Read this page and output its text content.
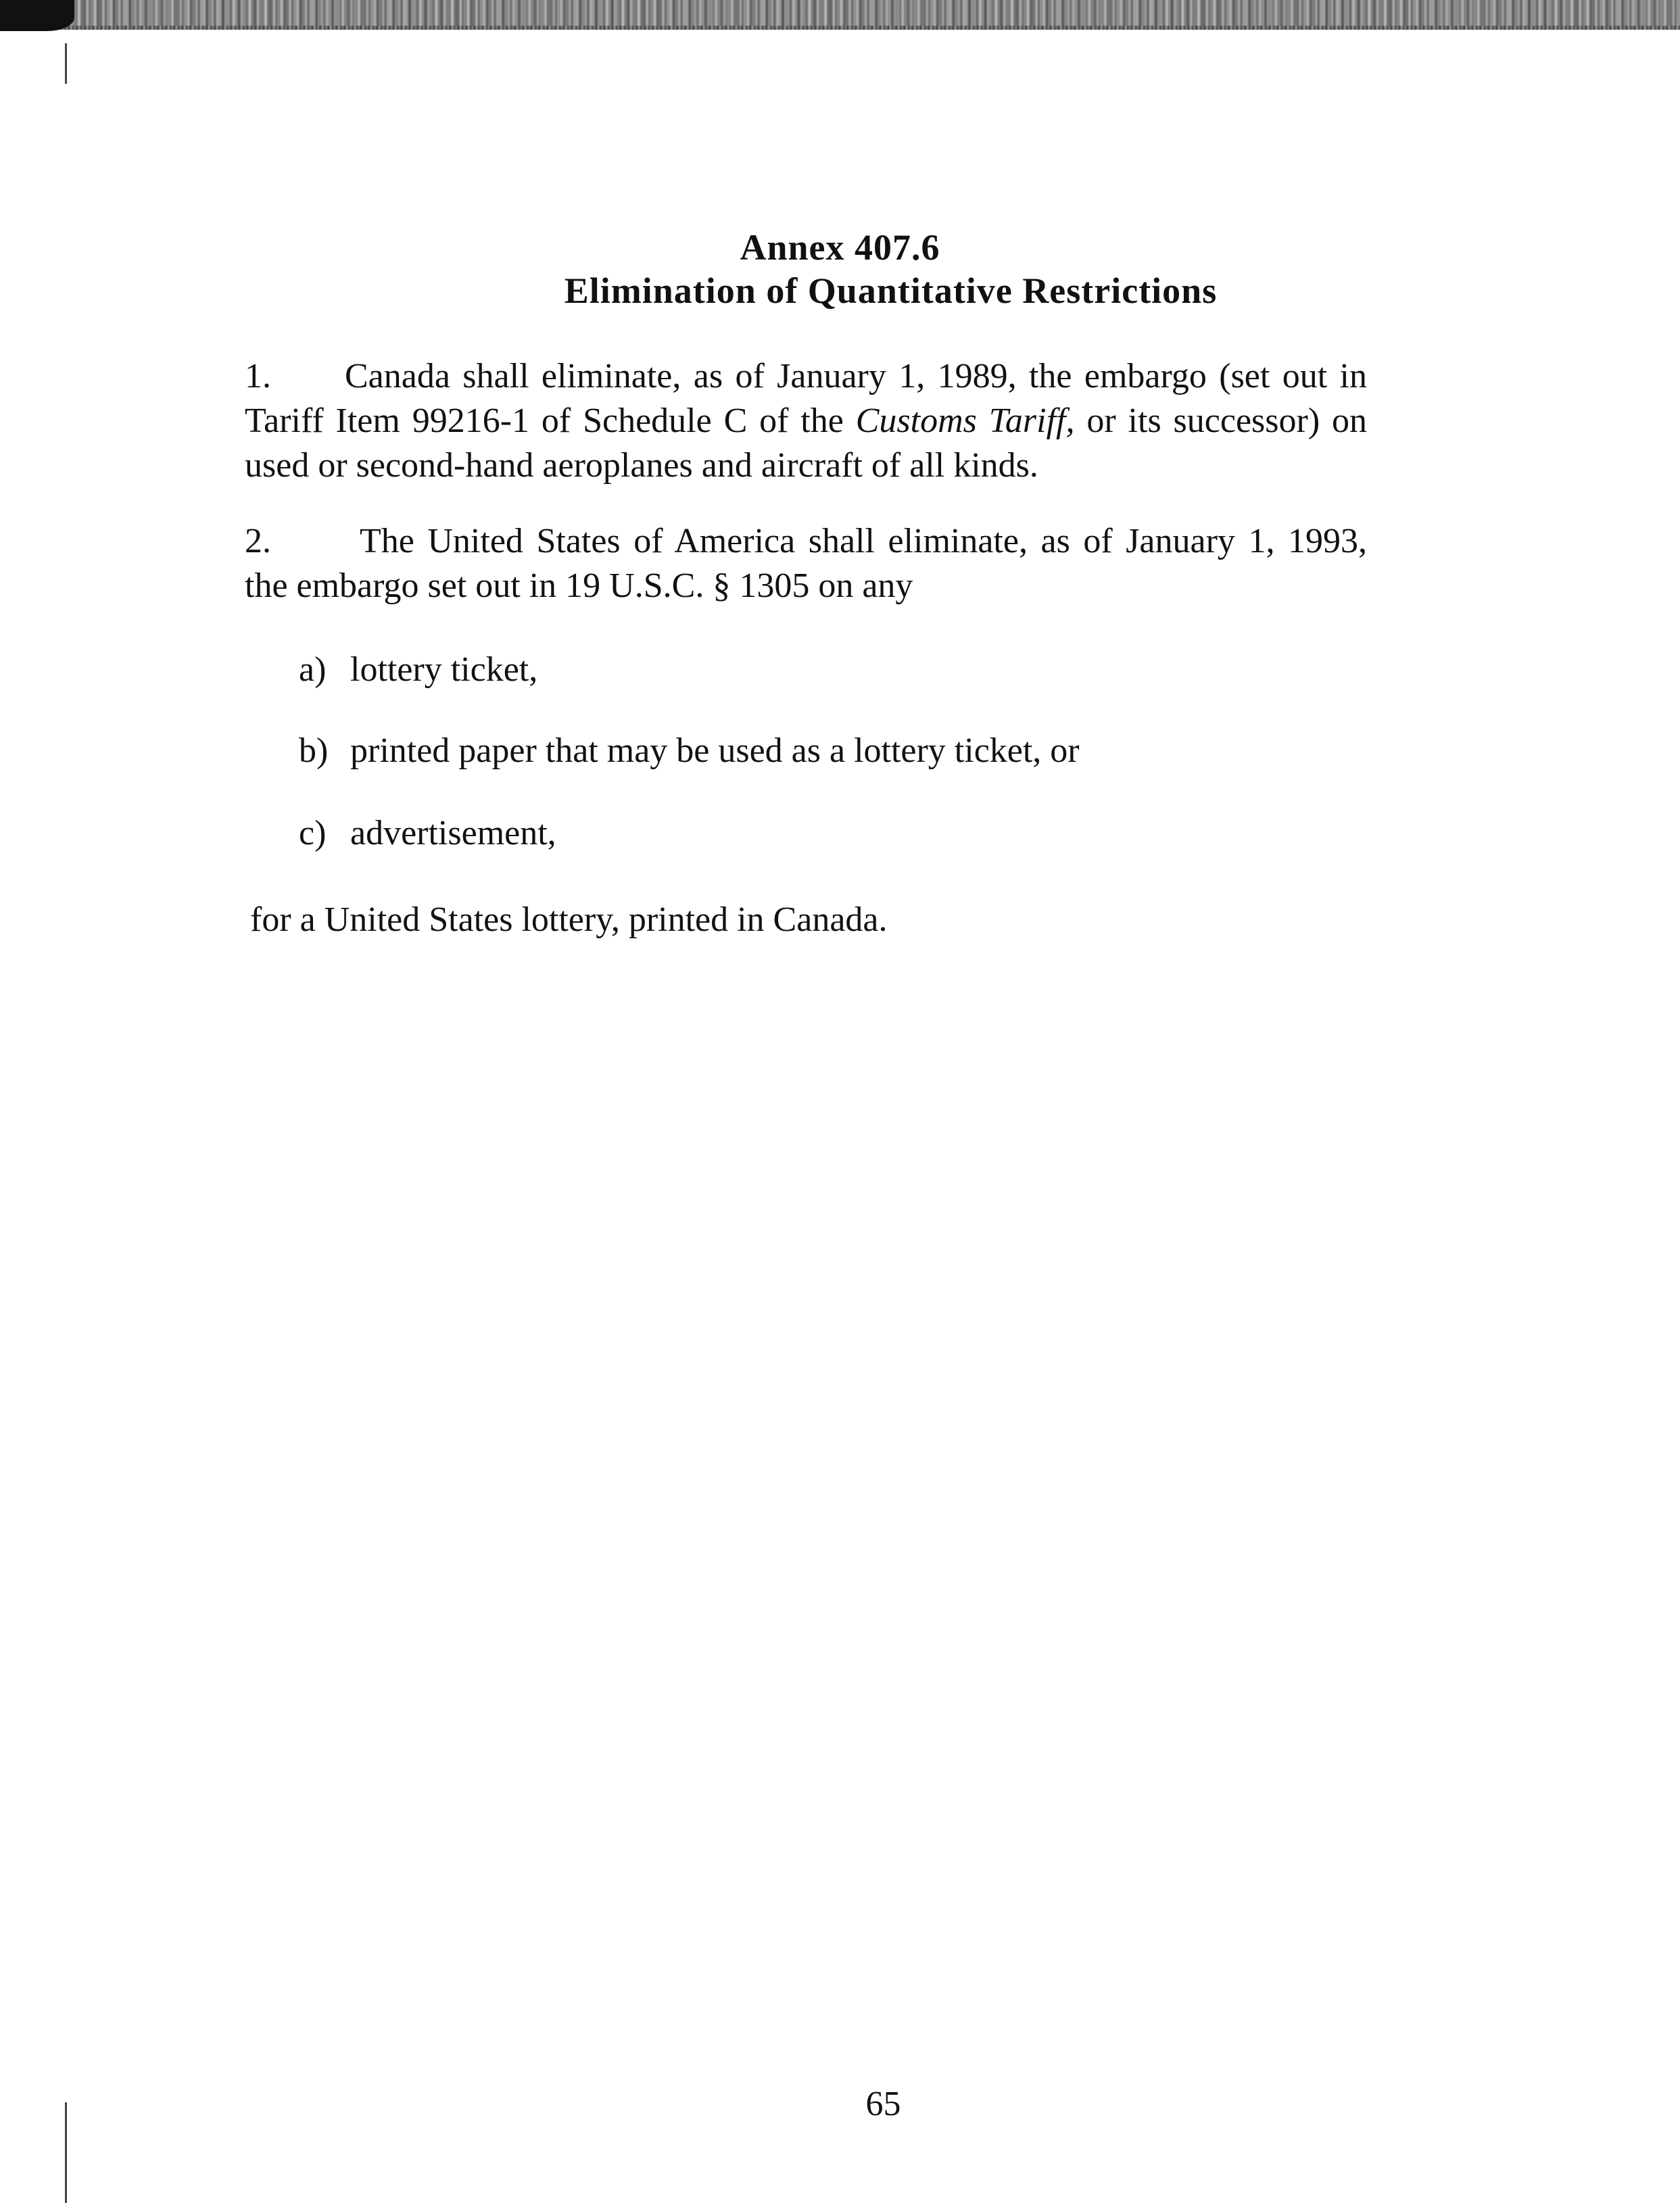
Annex 407.6
Elimination of Quantitative Restrictions
1. Canada shall eliminate, as of January 1, 1989, the embargo (set out in Tariff Item 99216-1 of Schedule C of the Customs Tariff, or its successor) on used or second-hand aeroplanes and aircraft of all kinds.
2.	The United States of America shall eliminate, as of January 1, 1993, the embargo set out in 19 U.S.C. § 1305 on any
a) lottery ticket,
b) printed paper that may be used as a lottery ticket, or
c) advertisement,
for a United States lottery, printed in Canada.
65
